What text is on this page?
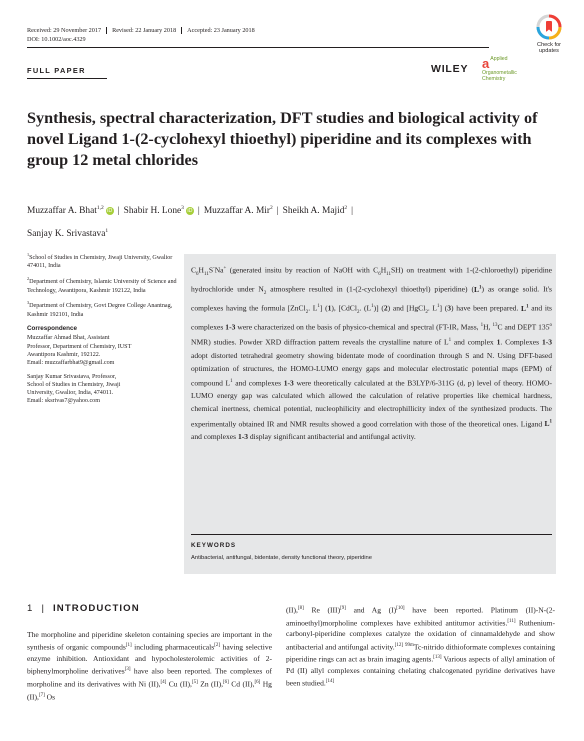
Received: 29 November 2017 Revised: 22 January 2018 Accepted: 23 January 2018
DOI: 10.1002/aoc.4329
Check for
updates
FULL PAPER	WILEY a Applied
Organometallic
Chemistry
Synthesis, spectral characterization, DFT studies and biological activity of novel Ligand 1-(2-cyclohexyl thioethyl) piperidine and its complexes with group 12 metal chlorides
Muzzaffar A. Bhat$^{1,2}$iD | Shabir H. Lone$^3$iD | Muzzaffar A. Mir$^2$ | Sheikh A. Majid$^2$ |
Sanjay K. Srivastava$^1$

$^1$School of Studies in Chemistry, Jiwaji University, Gwalior 474011, India

$^2$Department of Chemistry, Islamic University of Science and Technology, Awantipora, Kashmir 192122, India

$^3$Department of Chemistry, Govt Degree College Anantnag, Kashmir 192101, India

Correspondence

Muzzaffar Ahmad Bhat, Assistant

Professor, Department of Chemistry, IUST

Awantipora Kashmir, 192122.

Email: muzzaffarbhat9@gmail.com

Sanjay Kumar Srivastava, Professor,

School of Studies in Chemistry, Jiwaji

University, Gwalior, India, 474011.

Email: sksrivas7@yahoo.com

$C_6H_{11}S^-Na^+$ (generated insitu by reaction of NaOH with $C_6H_{11}SH$) on treatment with 1-(2-chloroethyl) piperidine hydrochloride under $N_2$ atmosphere resulted in (1-(2-cyclohexyl thioethyl) piperidine) $(L^1)$ as orange solid. It's complexes having the formula [ZnCl$_2$. $L^1$] (1), [CdCl$_2$. $(L^1)$] (2) and [HgCl$_2$. $L^1$] (3) have been prepared. $L^1$ and its complexes 1-3 were characterized on the basis of physico-chemical and spectral (FT-IR, Mass, $^1$H, $^{13}$C and DEPT 135$^o$ NMR) studies. Powder XRD diffraction pattern reveals the crystalline nature of $L^1$ and complex 1. Complexes 1-3 adopt distorted tetrahedral geometry showing bidentate mode of coordination through S and N. Using DFT-based optimization of structures, the HOMO-LUMO energy gaps and molecular electrostatic potential maps (EPM) of compound $L^1$ and complexes 1-3 were theoretically calculated at the B3LYP/6-311G (d, p) level of theory. HOMO-LUMO energy gap was calculated which allowed the calculation of relative properties like chemical hardness, chemical inertness, chemical potential, nucleophilicity and electrophillicity index of the synthesized products. The experimentally obtained IR and NMR results showed a good correlation with those of the theoretical ones. Ligand $L^1$ and complexes 1-3 display significant antibacterial and antifungal activity.
KEYWORDS
Antibacterial, antifungal, bidentate, density functional theory, piperidine
1 | INTRODUCTION
The morpholine and piperidine skeleton containing species are important in the synthesis of organic compounds[1] including pharmaceuticals[2] having selective enzyme inhibition. Antioxidant and hypocholesterolemic activities of 2-biphenylmorpholine derivatives[3] have also been reported. The complexes of morpholine and its derivatives with Ni (II),[4] Cu (II),[5] Zn (II),[6] Cd (II),[6] Hg (II),[7] Os
(II),[8] Re (III)[9] and Ag (I)[10] have been reported. Platinum (II)-N-(2-aminoethyl)morpholine complexes have exhibited antitumor activities.[11] Ruthenium-carbonyl-piperidine complexes catalyze the oxidation of cinnamaldehyde and show antibacterial and antifungal activity.[12] $^{99m}$Tc-nitrido dithioformate complexes containing piperidine rings can act as brain imaging agents.[13] Various aspects of allyl amination of Pd (II) allyl complexes containing chelating chalcogenated pyridine derivatives have been studied.[14]
